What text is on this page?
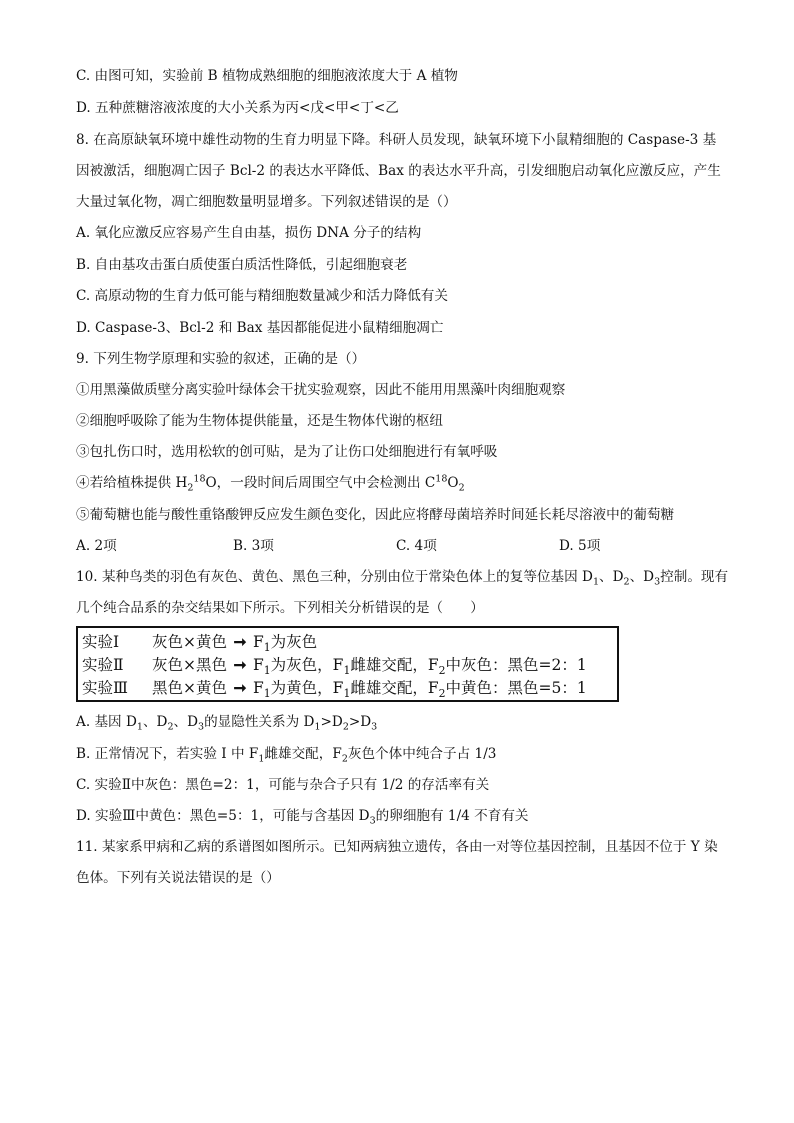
C. 由图可知，实验前 B 植物成熟细胞的细胞液浓度大于 A 植物
D. 五种蔗糖溶液浓度的大小关系为丙<戊<甲<丁<乙
8. 在高原缺氧环境中雄性动物的生育力明显下降。科研人员发现，缺氧环境下小鼠精细胞的 Caspase-3 基
因被激活，细胞凋亡因子 Bcl-2 的表达水平降低、Bax 的表达水平升高，引发细胞启动氧化应激反应，产生
大量过氧化物，凋亡细胞数量明显增多。下列叙述错误的是（）
A. 氧化应激反应容易产生自由基，损伤 DNA 分子的结构
B. 自由基攻击蛋白质使蛋白质活性降低，引起细胞衰老
C. 高原动物的生育力低可能与精细胞数量减少和活力降低有关
D. Caspase-3、Bcl-2 和 Bax 基因都能促进小鼠精细胞凋亡
9. 下列生物学原理和实验的叙述，正确的是（）
①用黑藻做质壁分离实验叶绿体会干扰实验观察，因此不能用用黑藻叶肉细胞观察
②细胞呼吸除了能为生物体提供能量，还是生物体代谢的枢纽
③包扎伤口时，选用松软的创可贴，是为了让伤口处细胞进行有氧呼吸
④若给植株提供 $H_2^{18}O$，一段时间后周围空气中会检测出 $C^{18}O_2$
⑤葡萄糖也能与酸性重铬酸钾反应发生颜色变化，因此应将酵母菌培养时间延长耗尽溶液中的葡萄糖
A. 2项	B. 3项	C. 4项	D. 5项
10. 某种鸟类的羽色有灰色、黄色、黑色三种，分别由位于常染色体上的复等位基因 $D_1$、$D_2$、$D_3$控制。现有
几个纯合品系的杂交结果如下所示。下列相关分析错误的是（　　）
实验Ⅰ 灰色×黄色 ➞ $F_1$为灰色
实验Ⅱ 灰色×黑色 ➞ $F_1$为灰色，$F_1$雌雄交配，$F_2$中灰色：黑色=2：1
实验Ⅲ 黑色×黄色 ➞ $F_1$为黄色，$F_1$雌雄交配，$F_2$中黄色：黑色=5：1
A. 基因 $D_1$、$D_2$、$D_3$的显隐性关系为 $D_1>D_2>D_3$
B. 正常情况下，若实验 I 中 $F_1$雌雄交配，$F_2$灰色个体中纯合子占 1/3
C. 实验Ⅱ中灰色：黑色=2：1，可能与杂合子只有 1/2 的存活率有关
D. 实验Ⅲ中黄色：黑色=5：1，可能与含基因 $D_3$的卵细胞有 1/4 不育有关
11. 某家系甲病和乙病的系谱图如图所示。已知两病独立遗传，各由一对等位基因控制，且基因不位于 Y 染
色体。下列有关说法错误的是（）
